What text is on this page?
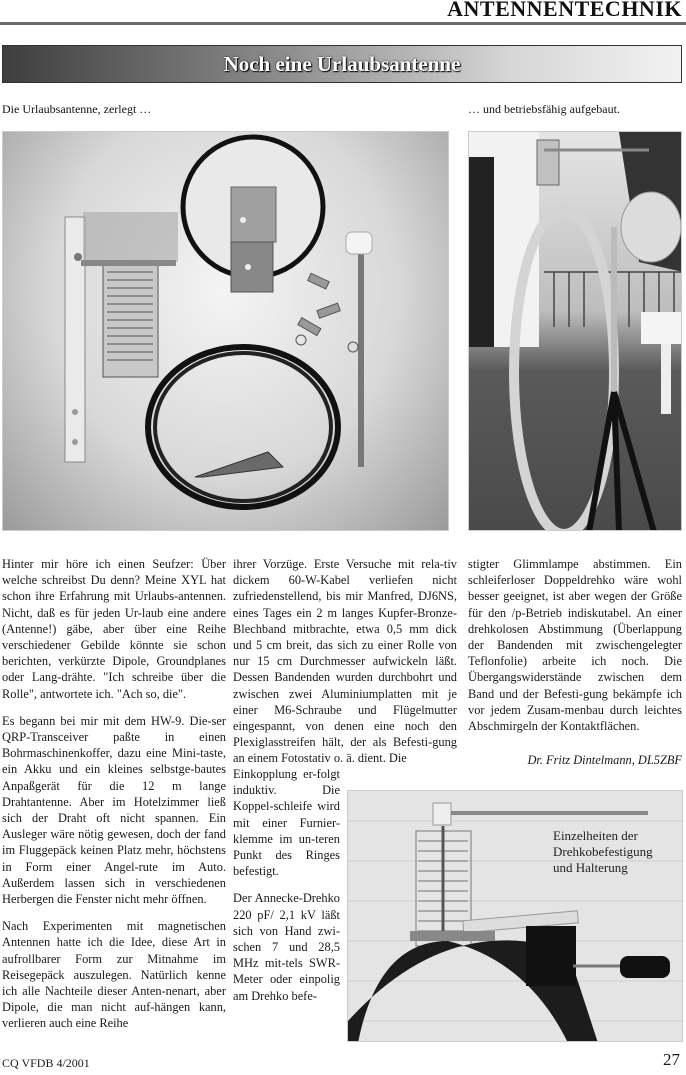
ANTENNENTECHNIK
Noch eine Urlaubsantenne
Die Urlaubsantenne, zerlegt …	… und betriebsfähig aufgebaut.

Hinter mir höre ich einen Seufzer: Über welche schreibst Du denn? Meine XYL hat schon ihre Erfahrung mit Urlaubs-antennen. Nicht, daß es für jeden Ur-laub eine andere (Antenne!) gäbe, aber über eine Reihe verschiedener Gebilde könnte sie schon berichten, verkürzte Dipole, Groundplanes oder Lang-drähte. "Ich schreibe über die Rolle", antwortete ich. "Ach so, die".

Es begann bei mir mit dem HW-9. Die-ser QRP-Transceiver paßte in einen Bohrmaschinenkoffer, dazu eine Mini-taste, ein Akku und ein kleines selbstge-bautes Anpaßgerät für die 12 m lange Drahtantenne. Aber im Hotelzimmer ließ sich der Draht oft nicht spannen. Ein Ausleger wäre nötig gewesen, doch der fand im Fluggepäck keinen Platz mehr, höchstens in Form einer Angel-rute im Auto. Außerdem lassen sich in verschiedenen Herbergen die Fenster nicht mehr öffnen.

Nach Experimenten mit magnetischen Antennen hatte ich die Idee, diese Art in aufrollbarer Form zur Mitnahme im Reisegepäck auszulegen. Natürlich kenne ich alle Nachteile dieser Anten-nenart, aber Dipole, die man nicht auf-hängen kann, verlieren auch eine Reihe

ihrer Vorzüge. Erste Versuche mit rela-tiv dickem 60-W-Kabel verliefen nicht zufriedenstellend, bis mir Manfred, DJ6NS, eines Tages ein 2 m langes Kupfer-Bronze-Blechband mitbrachte, etwa 0,5 mm dick und 5 cm breit, das sich zu einer Rolle von nur 15 cm Durchmesser aufwickeln läßt. Dessen Bandenden wurden durchbohrt und zwischen zwei Aluminiumplatten mit je einer M6-Schraube und Flügelmutter eingespannt, von denen eine noch den Plexiglasstreifen hält, der als Befesti-gung an einem Fotostativ o. ä. dient. Die

Einkopplung er-folgt induktiv. Die Koppel-schleife wird mit einer Furnier-klemme im un-teren Punkt des Ringes befestigt.

Der Annecke-Drehko 220 pF/ 2,1 kV läßt sich von Hand zwi-schen 7 und 28,5 MHz mit-tels SWR-Meter oder einpolig am Drehko befe-

stigter Glimmlampe abstimmen. Ein schleiferloser Doppeldrehko wäre wohl besser geeignet, ist aber wegen der Größe für den /p-Betrieb indiskutabel. An einer drehkolosen Abstimmung (Überlappung der Bandenden mit zwischengelegter Teflonfolie) arbeite ich noch. Die Übergangswiderstände zwischen dem Band und der Befesti-gung bekämpfe ich vor jedem Zusam-menbau durch leichtes Abschmirgeln der Kontaktflächen.

Dr. Fritz Dintelmann, DL5ZBF
Einzelheiten der
Drehkobefestigung
und Halterung
CQ VFDB 4/2001	27
